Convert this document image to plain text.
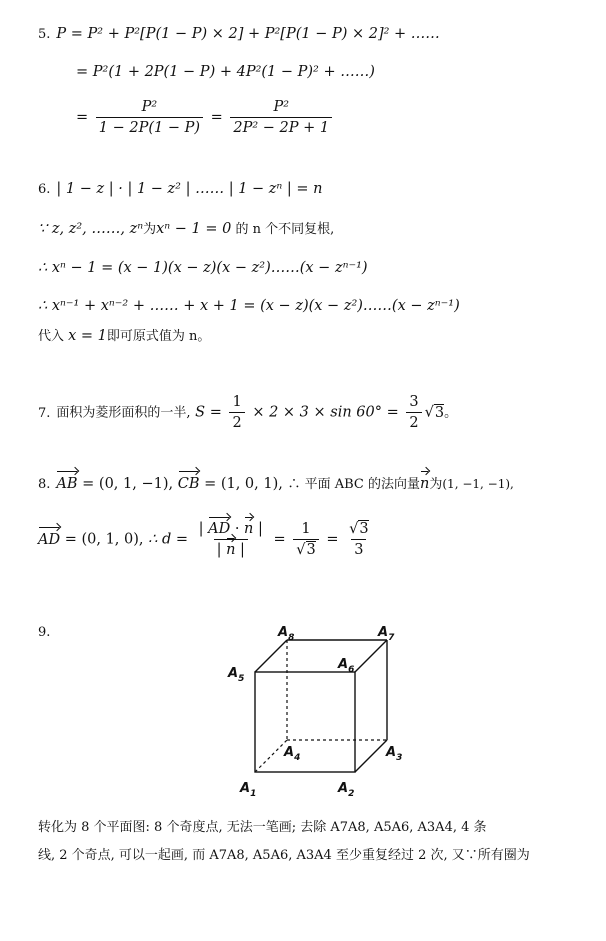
5. P = P² + P²[P(1 − P) × 2] + P²[P(1 − P) × 2]² + ……
= P²(1 + 2P(1 − P) + 4P²(1 − P)² + ……)
= $\frac{\text{P²}}{1 - 2P(1 - P)} = \frac{\text{P²}}{\text{2P² − 2P + 1}}$
6. | 1 − z | · | 1 − z² | …… | 1 − zⁿ | = n
∵ z, z², ……, zⁿ为xⁿ − 1 = 0 的 n 个不同复根,
∴ xⁿ − 1 = (x − 1)(x − z)(x − z²)……(x − zⁿ⁻¹)
∴ xⁿ⁻¹ + xⁿ⁻² + …… + x + 1 = (x − z)(x − z²)……(x − zⁿ⁻¹)
代入 x = 1即可原式值为 n。
7. 面积为菱形面积的一半, $S = \frac{1}{2} \times 2 \times 3 \times \sin 60^\circ = \frac{3}{2} √3$。
8. AB = (0, 1, −1), CB = (1, 0, 1), ∴ 平面 ABC 的法向量n为(1, −1, −1),
AD = (0, 1, 0), ∴ $d = \frac{| AD \cdot n |}{| n |} = \frac{1}{√3} = \frac{√3}{3}$
9.
$A_1$	$A_2$
$A_3$
$A_4$
$A_5$
$A_6$
$A_7$
$A_8$
转化为 8 个平面图: 8 个奇度点, 无法一笔画; 去除 A7A8, A5A6, A3A4, 4 条
线, 2 个奇点, 可以一起画, 而 A7A8, A5A6, A3A4 至少重复经过 2 次, 又∵所有圈为
